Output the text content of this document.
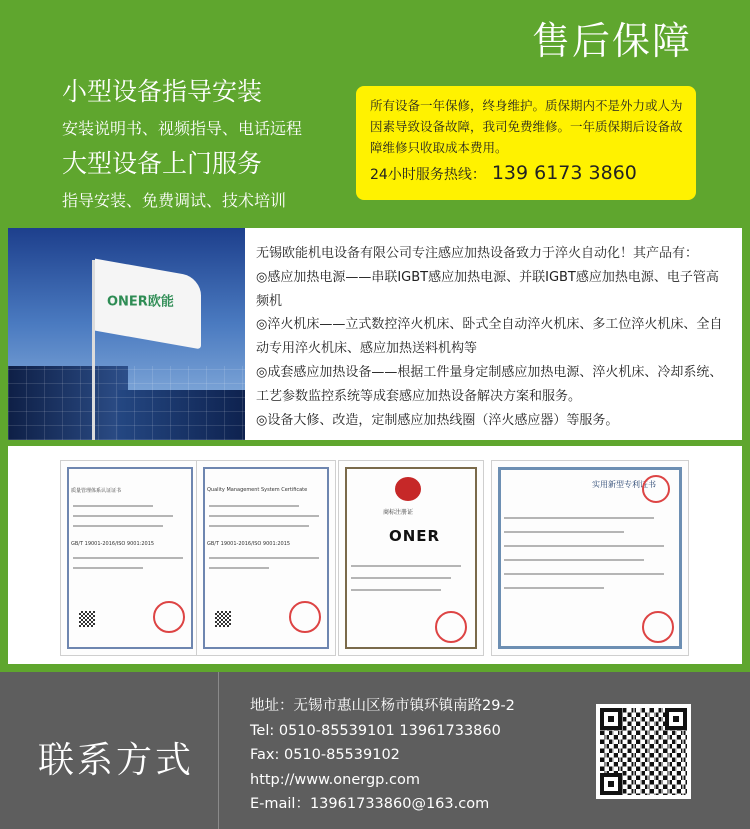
售后保障
小型设备指导安装
安装说明书、视频指导、电话远程
大型设备上门服务
指导安装、免费调试、技术培训
所有设备一年保修，终身维护。质保期内不是外力或人为因素导致设备故障，我司免费维修。一年质保期后设备故障维修只收取成本费用。
24小时服务热线： 139 6173 3860
ONER欧能
无锡欧能机电设备有限公司专注感应加热设备致力于淬火自动化！其产品有：
◎感应加热电源——串联IGBT感应加热电源、并联IGBT感应加热电源、电子管高频机
◎淬火机床——立式数控淬火机床、卧式全自动淬火机床、多工位淬火机床、全自动专用淬火机床、感应加热送料机构等
◎成套感应加热设备——根据工件量身定制感应加热电源、淬火机床、冷却系统、工艺参数监控系统等成套感应加热设备解决方案和服务。
◎设备大修、改造，定制感应加热线圈（淬火感应器）等服务。
质量管理体系认证证书
GB/T 19001-2016/ISO 9001:2015
Quality Management System Certificate
GB/T 19001-2016/ISO 9001:2015
商标注册证
ONER
实用新型专利证书
联系方式
地址：无锡市惠山区杨市镇环镇南路29-2
Tel: 0510-85539101 13961733860
Fax: 0510-85539102
http://www.onergp.com
E-mail：13961733860@163.com
